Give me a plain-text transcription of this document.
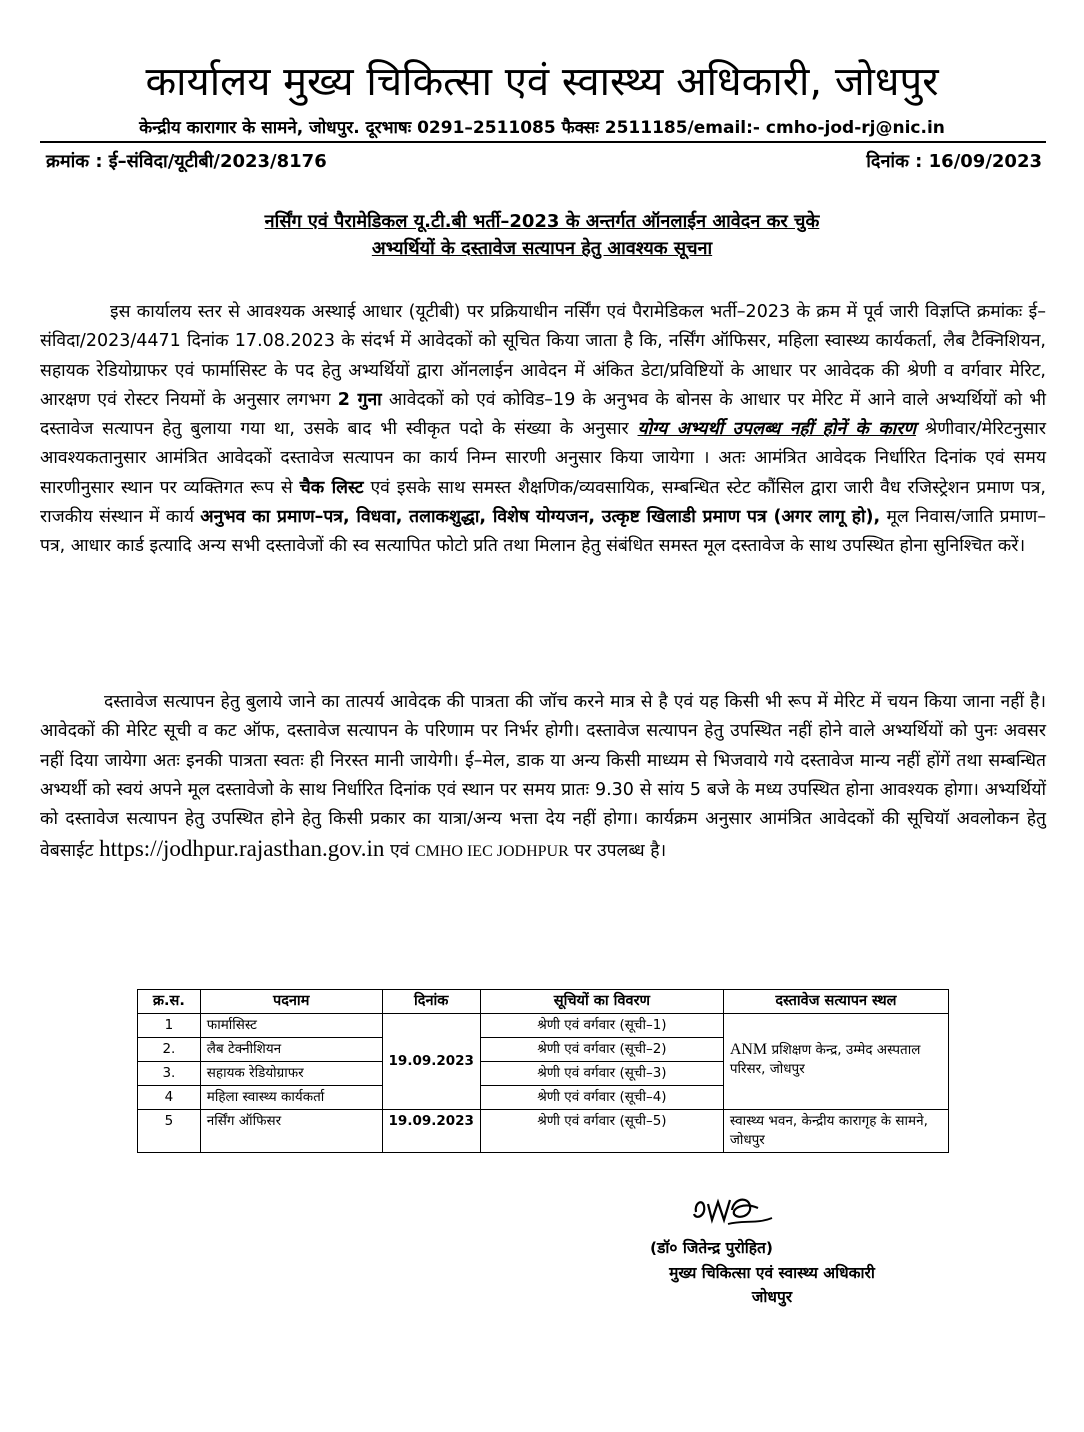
कार्यालय मुख्य चिकित्सा एवं स्वास्थ्य अधिकारी, जोधपुर
केन्द्रीय कारागार के सामने, जोधपुर. दूरभाषः 0291–2511085 फैक्सः 2511185/email:- cmho-jod-rj@nic.in
क्रमांक : ई–संविदा/यूटीबी/2023/8176	दिनांक : 16/09/2023
नर्सिंग एवं पैरामेडिकल यू.टी.बी भर्ती–2023 के अन्तर्गत ऑनलाईन आवेदन कर चुके
अभ्यर्थियों के दस्तावेज सत्यापन हेतु आवश्यक सूचना
इस कार्यालय स्तर से आवश्यक अस्थाई आधार (यूटीबी) पर प्रक्रियाधीन नर्सिंग एवं पैरामेडिकल भर्ती–2023 के क्रम में पूर्व जारी विज्ञप्ति क्रमांकः ई–संविदा/2023/4471 दिनांक 17.08.2023 के संदर्भ में आवेदकों को सूचित किया जाता है कि, नर्सिंग ऑफिसर, महिला स्वास्थ्य कार्यकर्ता, लैब टैक्निशियन, सहायक रेडियोग्राफर एवं फार्मासिस्ट के पद हेतु अभ्यर्थियों द्वारा ऑनलाईन आवेदन में अंकित डेटा/प्रविष्टियों के आधार पर आवेदक की श्रेणी व वर्गवार मेरिट, आरक्षण एवं रोस्टर नियमों के अनुसार लगभग 2 गुना आवेदकों को एवं कोविड–19 के अनुभव के बोनस के आधार पर मेरिट में आने वाले अभ्यर्थियों को भी दस्तावेज सत्यापन हेतु बुलाया गया था, उसके बाद भी स्वीकृत पदो के संख्या के अनुसार योग्य अभ्यर्थी उपलब्ध नहीं होनें के कारण श्रेणीवार/मेरिटनुसार आवश्यकतानुसार आमंत्रित आवेदकों दस्तावेज सत्यापन का कार्य निम्न सारणी अनुसार किया जायेगा । अतः आमंत्रित आवेदक निर्धारित दिनांक एवं समय सारणीनुसार स्थान पर व्यक्तिगत रूप से चैक लिस्ट एवं इसके साथ समस्त शैक्षणिक/व्यवसायिक, सम्बन्धित स्टेट कौंसिल द्वारा जारी वैध रजिस्ट्रेशन प्रमाण पत्र, राजकीय संस्थान में कार्य अनुभव का प्रमाण–पत्र, विधवा, तलाकशुद्धा, विशेष योग्यजन, उत्कृष्ट खिलाडी प्रमाण पत्र (अगर लागू हो), मूल निवास/जाति प्रमाण–पत्र, आधार कार्ड इत्यादि अन्य सभी दस्तावेजों की स्व सत्यापित फोटो प्रति तथा मिलान हेतु संबंधित समस्त मूल दस्तावेज के साथ उपस्थित होना सुनिश्चित करें।
दस्तावेज सत्यापन हेतु बुलाये जाने का तात्पर्य आवेदक की पात्रता की जॉच करने मात्र से है एवं यह किसी भी रूप में मेरिट में चयन किया जाना नहीं है। आवेदकों की मेरिट सूची व कट ऑफ, दस्तावेज सत्यापन के परिणाम पर निर्भर होगी। दस्तावेज सत्यापन हेतु उपस्थित नहीं होने वाले अभ्यर्थियों को पुनः अवसर नहीं दिया जायेगा अतः इनकी पात्रता स्वतः ही निरस्त मानी जायेगी। ई–मेल, डाक या अन्य किसी माध्यम से भिजवाये गये दस्तावेज मान्य नहीं होंगें तथा सम्बन्धित अभ्यर्थी को स्वयं अपने मूल दस्तावेजो के साथ निर्धारित दिनांक एवं स्थान पर समय प्रातः 9.30 से सांय 5 बजे के मध्य उपस्थित होना आवश्यक होगा। अभ्यर्थियों को दस्तावेज सत्यापन हेतु उपस्थित होने हेतु किसी प्रकार का यात्रा/अन्य भत्ता देय नहीं होगा। कार्यक्रम अनुसार आमंत्रित आवेदकों की सूचियॉ अवलोकन हेतु वेबसाईट https://jodhpur.rajasthan.gov.in एवं CMHO IEC JODHPUR पर उपलब्ध है।
क्र.स.	पदनाम	दिनांक	सूचियों का विवरण	दस्तावेज सत्यापन स्थल
1	फार्मासिस्ट	19.09.2023	श्रेणी एवं वर्गवार (सूची–1)	ANM प्रशिक्षण केन्द्र, उम्मेद अस्पताल परिसर, जोधपुर
2.	लैब टेक्नीशियन		श्रेणी एवं वर्गवार (सूची–2)	
3.	सहायक रेडियोग्राफर		श्रेणी एवं वर्गवार (सूची–3)	
4	महिला स्वास्थ्य कार्यकर्ता		श्रेणी एवं वर्गवार (सूची–4)	
5	नर्सिंग ऑफिसर	19.09.2023	श्रेणी एवं वर्गवार (सूची–5)	स्वास्थ्य भवन, केन्द्रीय कारागृह के सामने, जोधपुर
(डॉ० जितेन्द्र पुरोहित)
मुख्य चिकित्सा एवं स्वास्थ्य अधिकारी
जोधपुर
